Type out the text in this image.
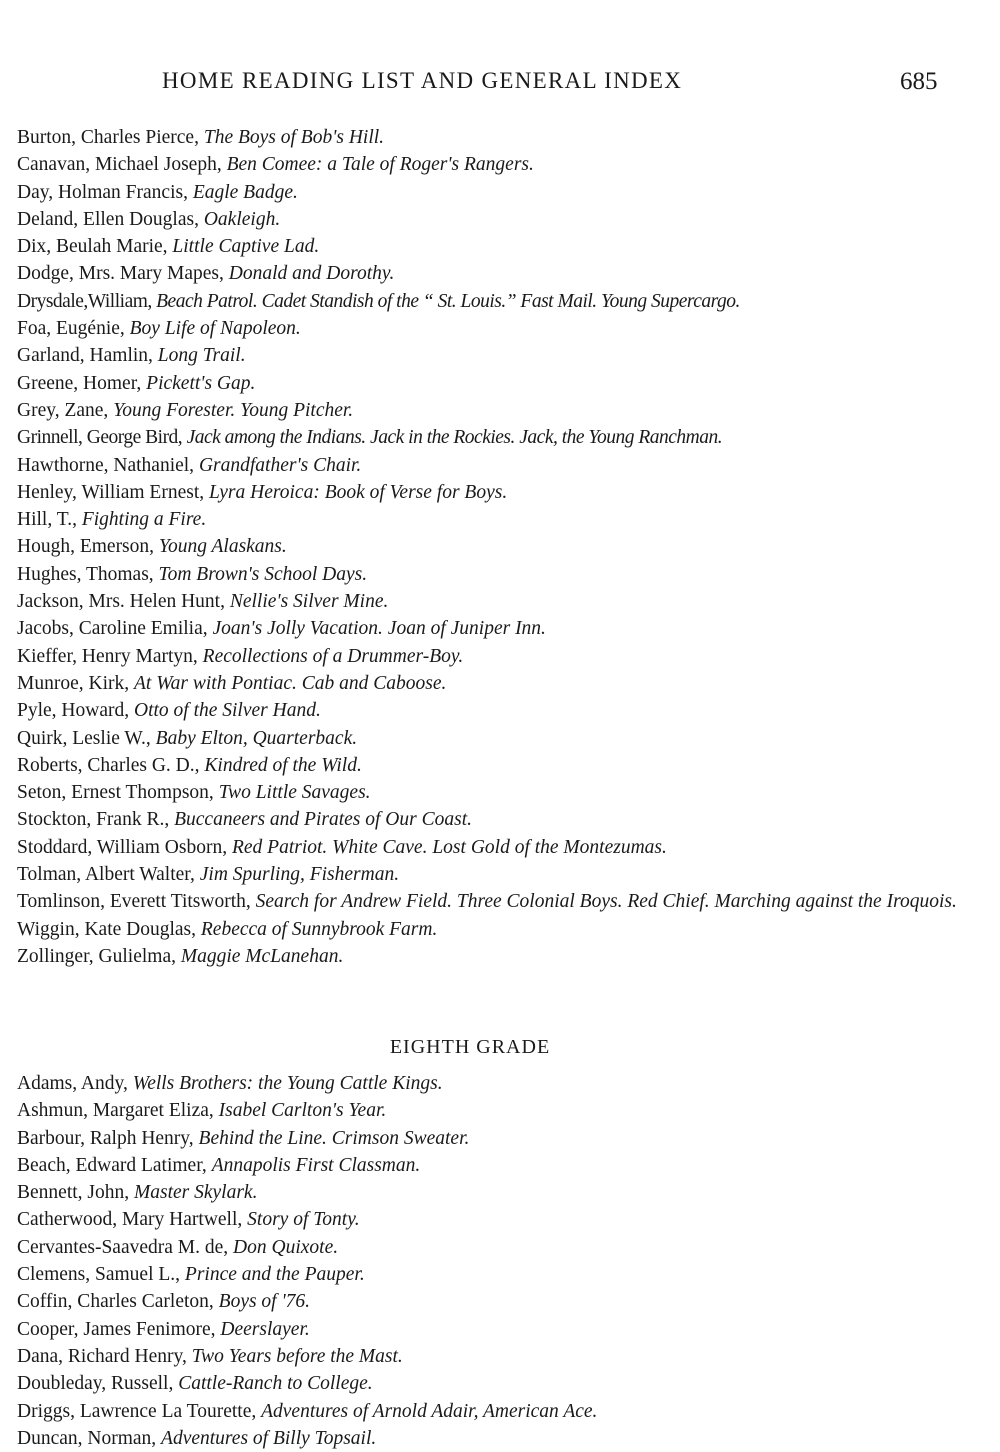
HOME READING LIST AND GENERAL INDEX	685

Burton, Charles Pierce, The Boys of Bob's Hill.

Canavan, Michael Joseph, Ben Comee: a Tale of Roger's Rangers.

Day, Holman Francis, Eagle Badge.

Deland, Ellen Douglas, Oakleigh.

Dix, Beulah Marie, Little Captive Lad.

Dodge, Mrs. Mary Mapes, Donald and Dorothy.

Drysdale,William, Beach Patrol. Cadet Standish of the “ St. Louis.” Fast Mail. Young Supercargo.

Foa, Eugénie, Boy Life of Napoleon.

Garland, Hamlin, Long Trail.

Greene, Homer, Pickett's Gap.

Grey, Zane, Young Forester. Young Pitcher.

Grinnell, George Bird, Jack among the Indians. Jack in the Rockies. Jack, the Young Ranchman.

Hawthorne, Nathaniel, Grandfather's Chair.

Henley, William Ernest, Lyra Heroica: Book of Verse for Boys.

Hill, T., Fighting a Fire.

Hough, Emerson, Young Alaskans.

Hughes, Thomas, Tom Brown's School Days.

Jackson, Mrs. Helen Hunt, Nellie's Silver Mine.

Jacobs, Caroline Emilia, Joan's Jolly Vacation. Joan of Juniper Inn.

Kieffer, Henry Martyn, Recollections of a Drummer-Boy.

Munroe, Kirk, At War with Pontiac. Cab and Caboose.

Pyle, Howard, Otto of the Silver Hand.

Quirk, Leslie W., Baby Elton, Quarterback.

Roberts, Charles G. D., Kindred of the Wild.

Seton, Ernest Thompson, Two Little Savages.

Stockton, Frank R., Buccaneers and Pirates of Our Coast.

Stoddard, William Osborn, Red Patriot. White Cave. Lost Gold of the Montezumas.

Tolman, Albert Walter, Jim Spurling, Fisherman.

Tomlinson, Everett Titsworth, Search for Andrew Field. Three Colonial Boys. Red Chief. Marching against the Iroquois.

Wiggin, Kate Douglas, Rebecca of Sunnybrook Farm.

Zollinger, Gulielma, Maggie McLanehan.

EIGHTH GRADE

Adams, Andy, Wells Brothers: the Young Cattle Kings.

Ashmun, Margaret Eliza, Isabel Carlton's Year.

Barbour, Ralph Henry, Behind the Line. Crimson Sweater.

Beach, Edward Latimer, Annapolis First Classman.

Bennett, John, Master Skylark.

Catherwood, Mary Hartwell, Story of Tonty.

Cervantes-Saavedra M. de, Don Quixote.

Clemens, Samuel L., Prince and the Pauper.

Coffin, Charles Carleton, Boys of '76.

Cooper, James Fenimore, Deerslayer.

Dana, Richard Henry, Two Years before the Mast.

Doubleday, Russell, Cattle-Ranch to College.

Driggs, Lawrence La Tourette, Adventures of Arnold Adair, American Ace.

Duncan, Norman, Adventures of Billy Topsail.
